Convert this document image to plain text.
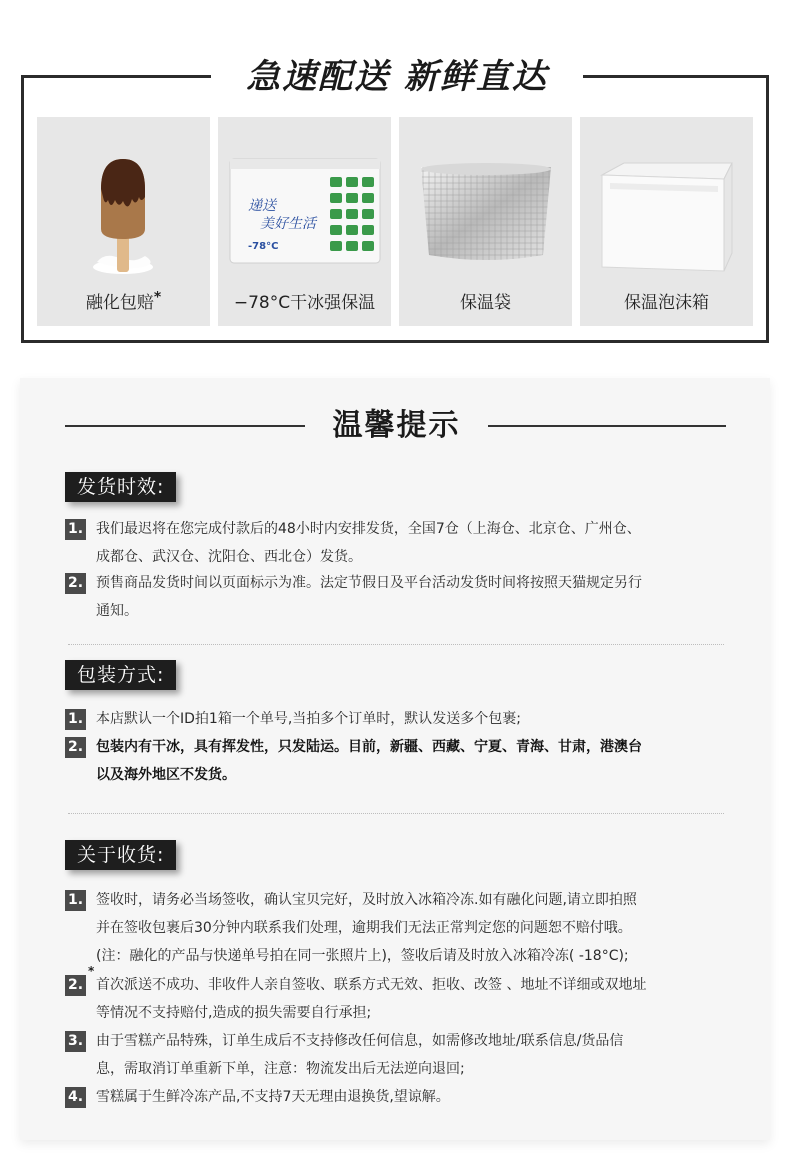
急速配送 新鲜直达
融化包赔*
递送
美好生活
-78°C
−78°C干冰强保温	保温袋	保温泡沫箱
温馨提示
发货时效:
1. 我们最迟将在您完成付款后的48小时内安排发货，全国7仓（上海仓、北京仓、广州仓、
成都仓、武汉仓、沈阳仓、西北仓）发货。
2. 预售商品发货时间以页面标示为准。法定节假日及平台活动发货时间将按照天猫规定另行
通知。
包装方式:
1. 本店默认一个ID拍1箱一个单号,当拍多个订单时，默认发送多个包裹;
2. 包装内有干冰，具有挥发性，只发陆运。目前，新疆、西藏、宁夏、青海、甘肃，港澳台
以及海外地区不发货。
关于收货:
1. 签收时，请务必当场签收，确认宝贝完好，及时放入冰箱冷冻.如有融化问题,请立即拍照
并在签收包裹后30分钟内联系我们处理，逾期我们无法正常判定您的问题恕不赔付哦。
(注：融化的产品与快递单号拍在同一张照片上)，签收后请及时放入冰箱冷冻( -18°C);
*
2. 首次派送不成功、非收件人亲自签收、联系方式无效、拒收、改签 、地址不详细或双地址
等情况不支持赔付,造成的损失需要自行承担;
3. 由于雪糕产品特殊，订单生成后不支持修改任何信息，如需修改地址/联系信息/货品信
息，需取消订单重新下单，注意：物流发出后无法逆向退回;
4. 雪糕属于生鲜冷冻产品,不支持7天无理由退换货,望谅解。
